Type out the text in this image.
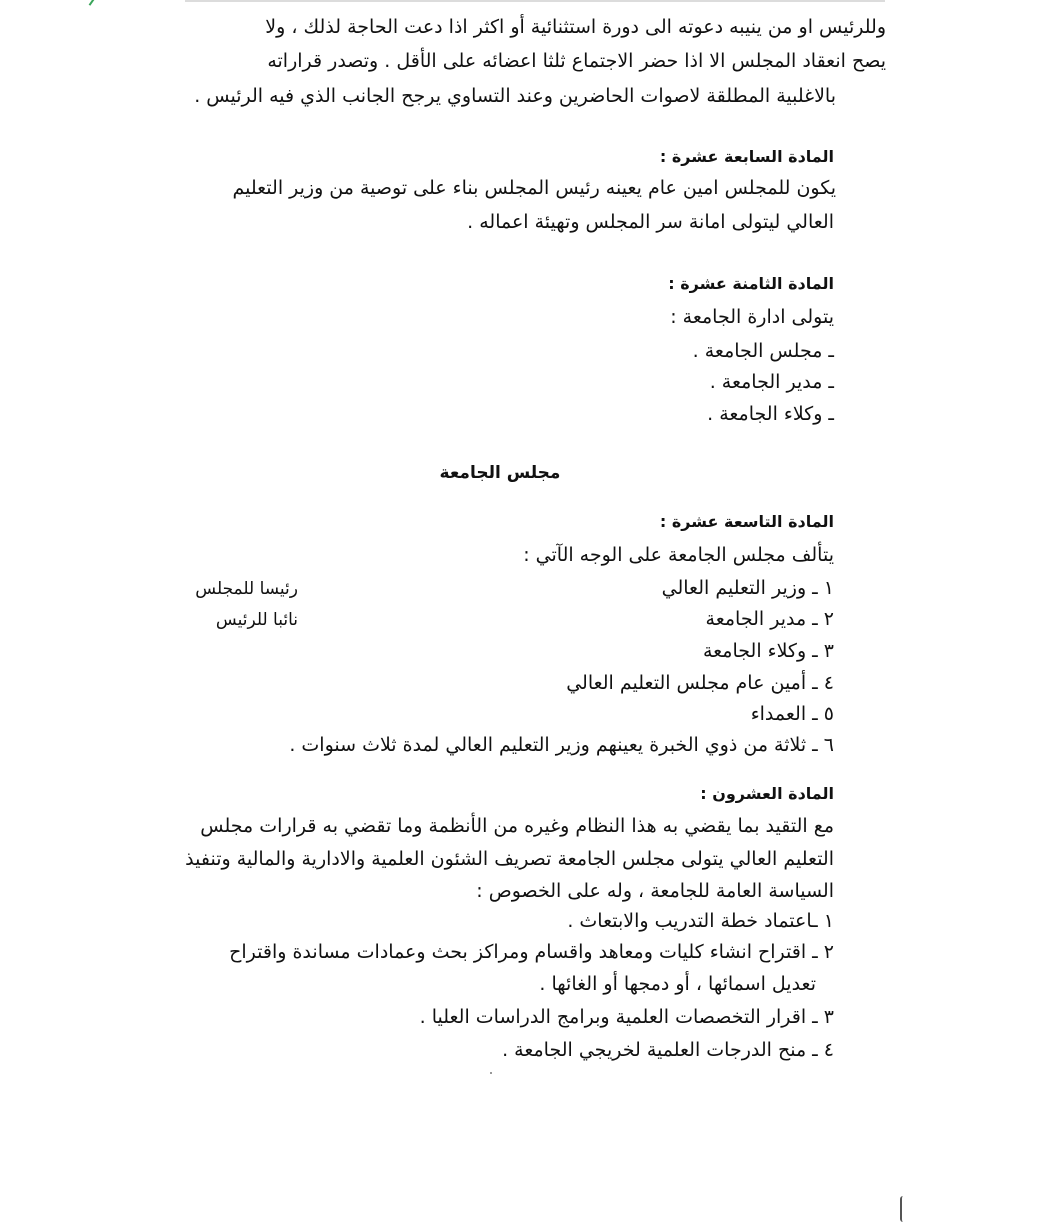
وللرئيس او من ينيبه دعوته الى دورة استثنائية أو اكثر اذا دعت الحاجة لذلك ، ولا
يصح انعقاد المجلس الا اذا حضر الاجتماع ثلثا اعضائه على الأقل . وتصدر قراراته
بالاغلبية المطلقة لاصوات الحاضرين وعند التساوي يرجح الجانب الذي فيه الرئيس .
المادة السابعة عشرة :
يكون للمجلس امين عام يعينه رئيس المجلس بناء على توصية من وزير التعليم
العالي ليتولى امانة سر المجلس وتهيئة اعماله .
المادة الثامنة عشرة :
يتولى ادارة الجامعة :
ـ مجلس الجامعة .
ـ مدير الجامعة .
ـ وكلاء الجامعة .
مجلس الجامعة
المادة التاسعة عشرة :
يتألف مجلس الجامعة على الوجه الآتي :
١ ـ وزير التعليم العالي
رئيسا للمجلس
٢ ـ مدير الجامعة
نائبا للرئيس
٣ ـ وكلاء الجامعة
٤ ـ أمين عام مجلس التعليم العالي
٥ ـ العمداء
٦ ـ ثلاثة من ذوي الخبرة يعينهم وزير التعليم العالي لمدة ثلاث سنوات .
المادة العشرون :
مع التقيد بما يقضي به هذا النظام وغيره من الأنظمة وما تقضي به قرارات مجلس
التعليم العالي يتولى مجلس الجامعة تصريف الشئون العلمية والادارية والمالية وتنفيذ
السياسة العامة للجامعة ، وله على الخصوص :
١ ـاعتماد خطة التدريب والابتعاث .
٢ ـ اقتراح انشاء كليات ومعاهد واقسام ومراكز بحث وعمادات مساندة واقتراح
تعديل اسمائها ، أو دمجها أو الغائها .
٣ ـ اقرار التخصصات العلمية وبرامج الدراسات العليا .
٤ ـ منح الدرجات العلمية لخريجي الجامعة .
